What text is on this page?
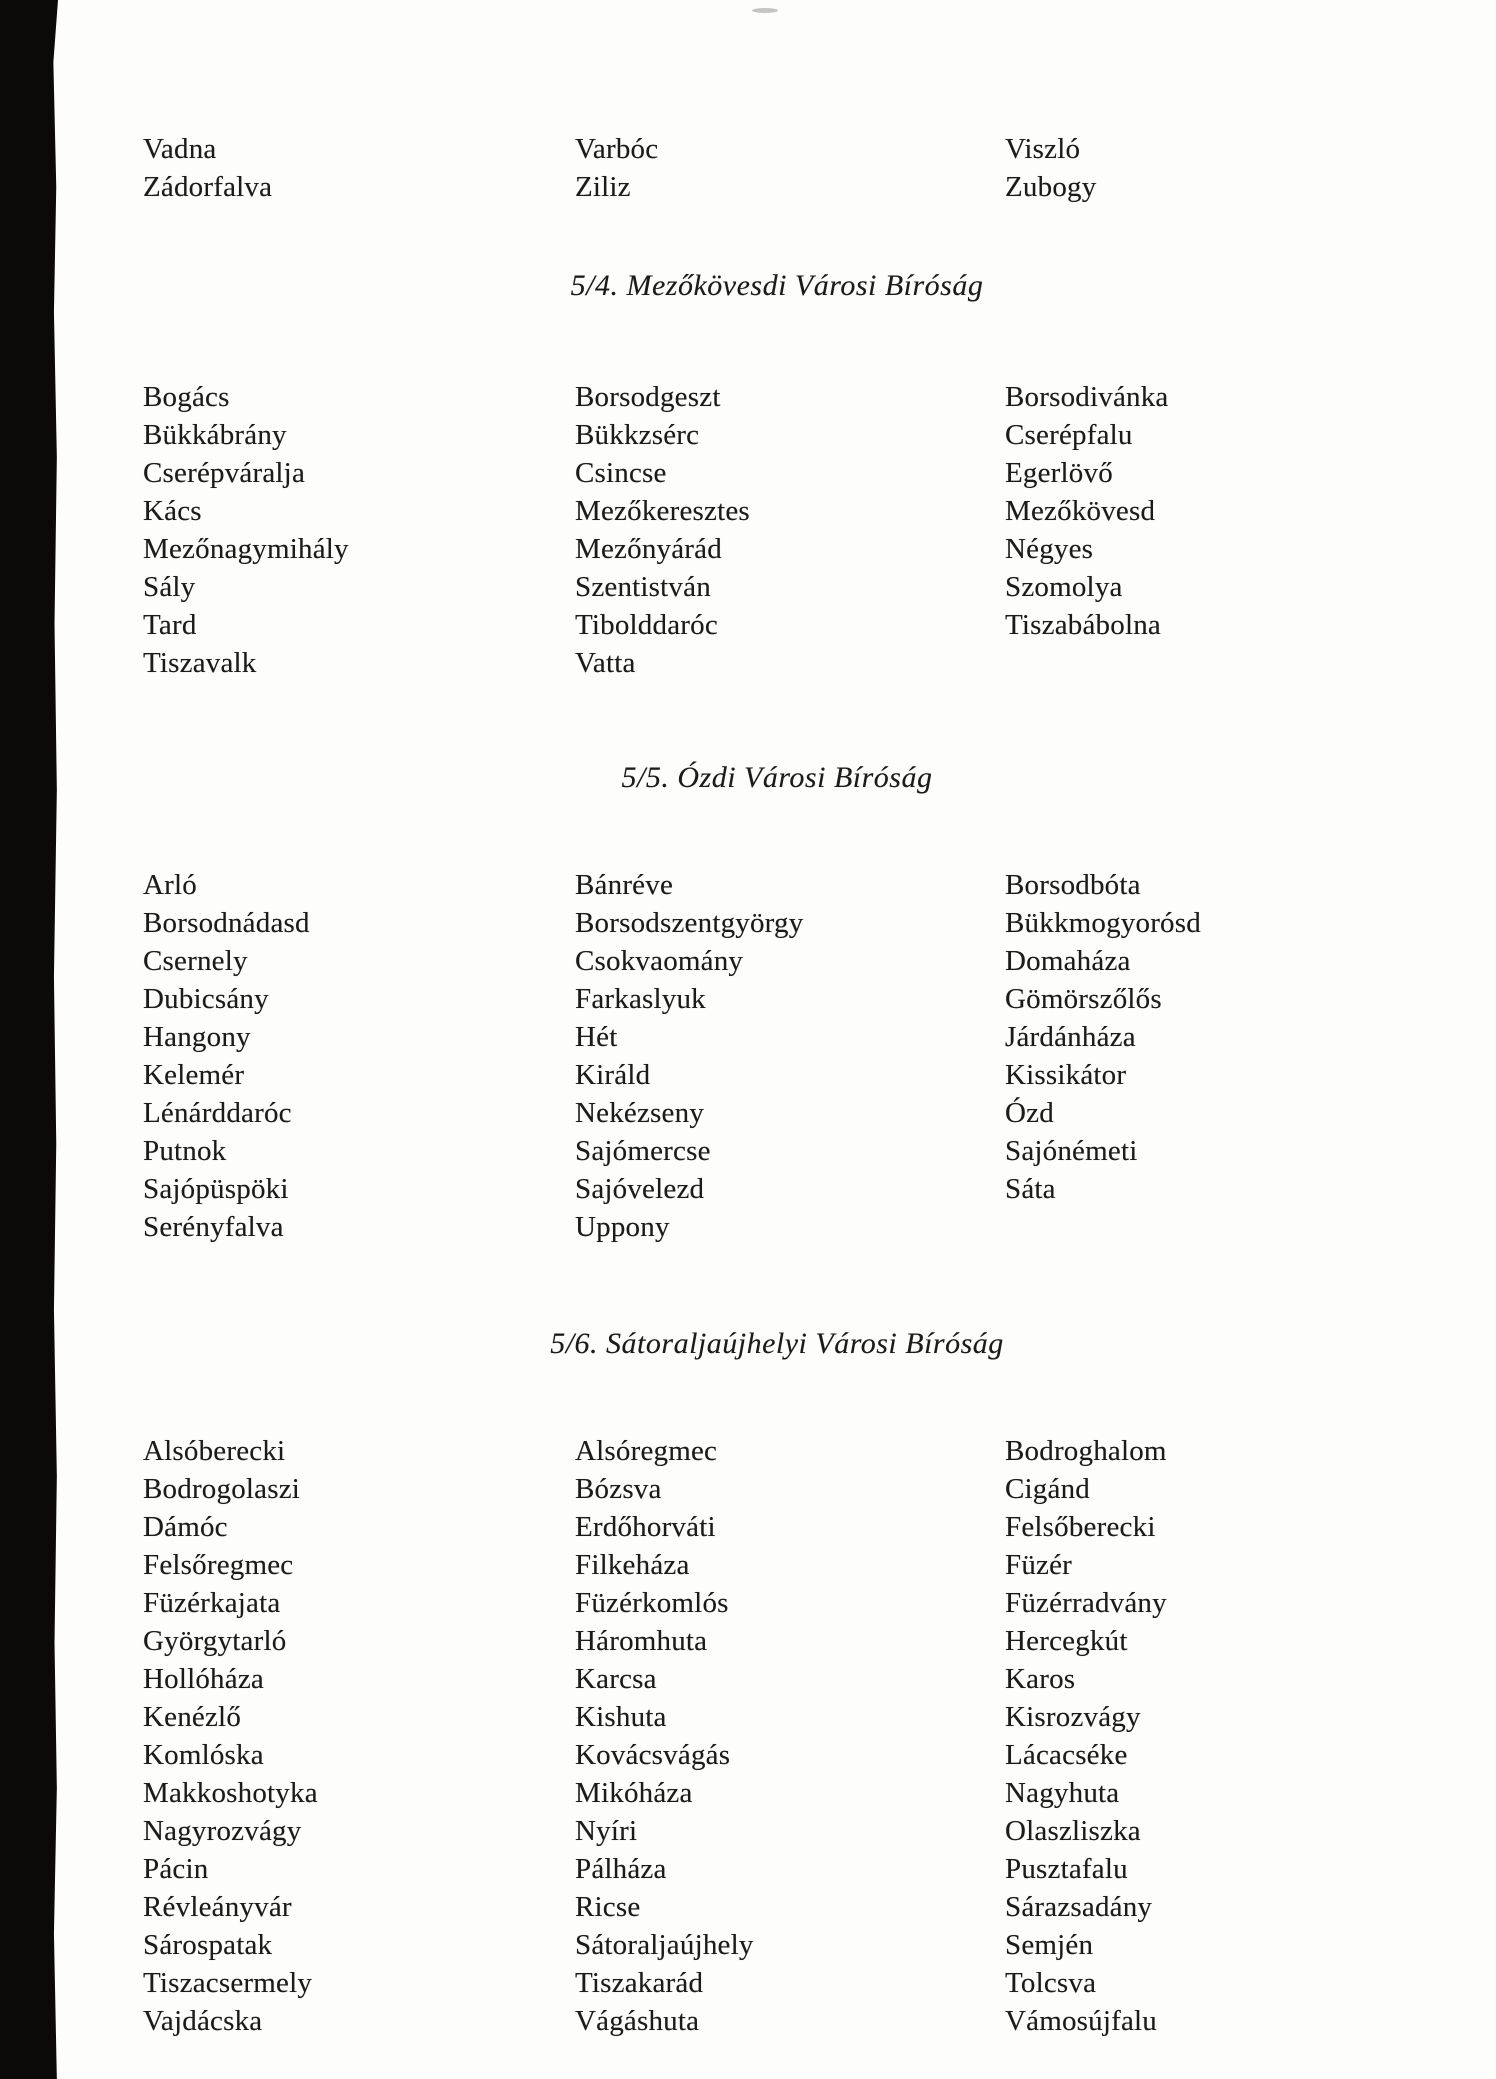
Vadna
Zádorfalva
Varbóc
Ziliz
Viszló
Zubogy
5/4. Mezőkövesdi Városi Bíróság
Bogács
Bükkábrány
Cserépváralja
Kács
Mezőnagymihály
Sály
Tard
Tiszavalk
Borsodgeszt
Bükkzsérc
Csincse
Mezőkeresztes
Mezőnyárád
Szentistván
Tibolddaróc
Vatta
Borsodivánka
Cserépfalu
Egerlövő
Mezőkövesd
Négyes
Szomolya
Tiszabábolna
5/5. Ózdi Városi Bíróság
Arló
Borsodnádasd
Csernely
Dubicsány
Hangony
Kelemér
Lénárddaróc
Putnok
Sajópüspöki
Serényfalva
Bánréve
Borsodszentgyörgy
Csokvaomány
Farkaslyuk
Hét
Királd
Nekézseny
Sajómercse
Sajóvelezd
Uppony
Borsodbóta
Bükkmogyorósd
Domaháza
Gömörszőlős
Járdánháza
Kissikátor
Ózd
Sajónémeti
Sáta
5/6. Sátoraljaújhelyi Városi Bíróság
Alsóberecki
Bodrogolaszi
Dámóc
Felsőregmec
Füzérkajata
Györgytarló
Hollóháza
Kenézlő
Komlóska
Makkoshotyka
Nagyrozvágy
Pácin
Révleányvár
Sárospatak
Tiszacsermely
Vajdácska
Alsóregmec
Bózsva
Erdőhorváti
Filkeháza
Füzérkomlós
Háromhuta
Karcsa
Kishuta
Kovácsvágás
Mikóháza
Nyíri
Pálháza
Ricse
Sátoraljaújhely
Tiszakarád
Vágáshuta
Bodroghalom
Cigánd
Felsőberecki
Füzér
Füzérradvány
Hercegkút
Karos
Kisrozvágy
Lácacséke
Nagyhuta
Olaszliszka
Pusztafalu
Sárazsadány
Semjén
Tolcsva
Vámosújfalu
